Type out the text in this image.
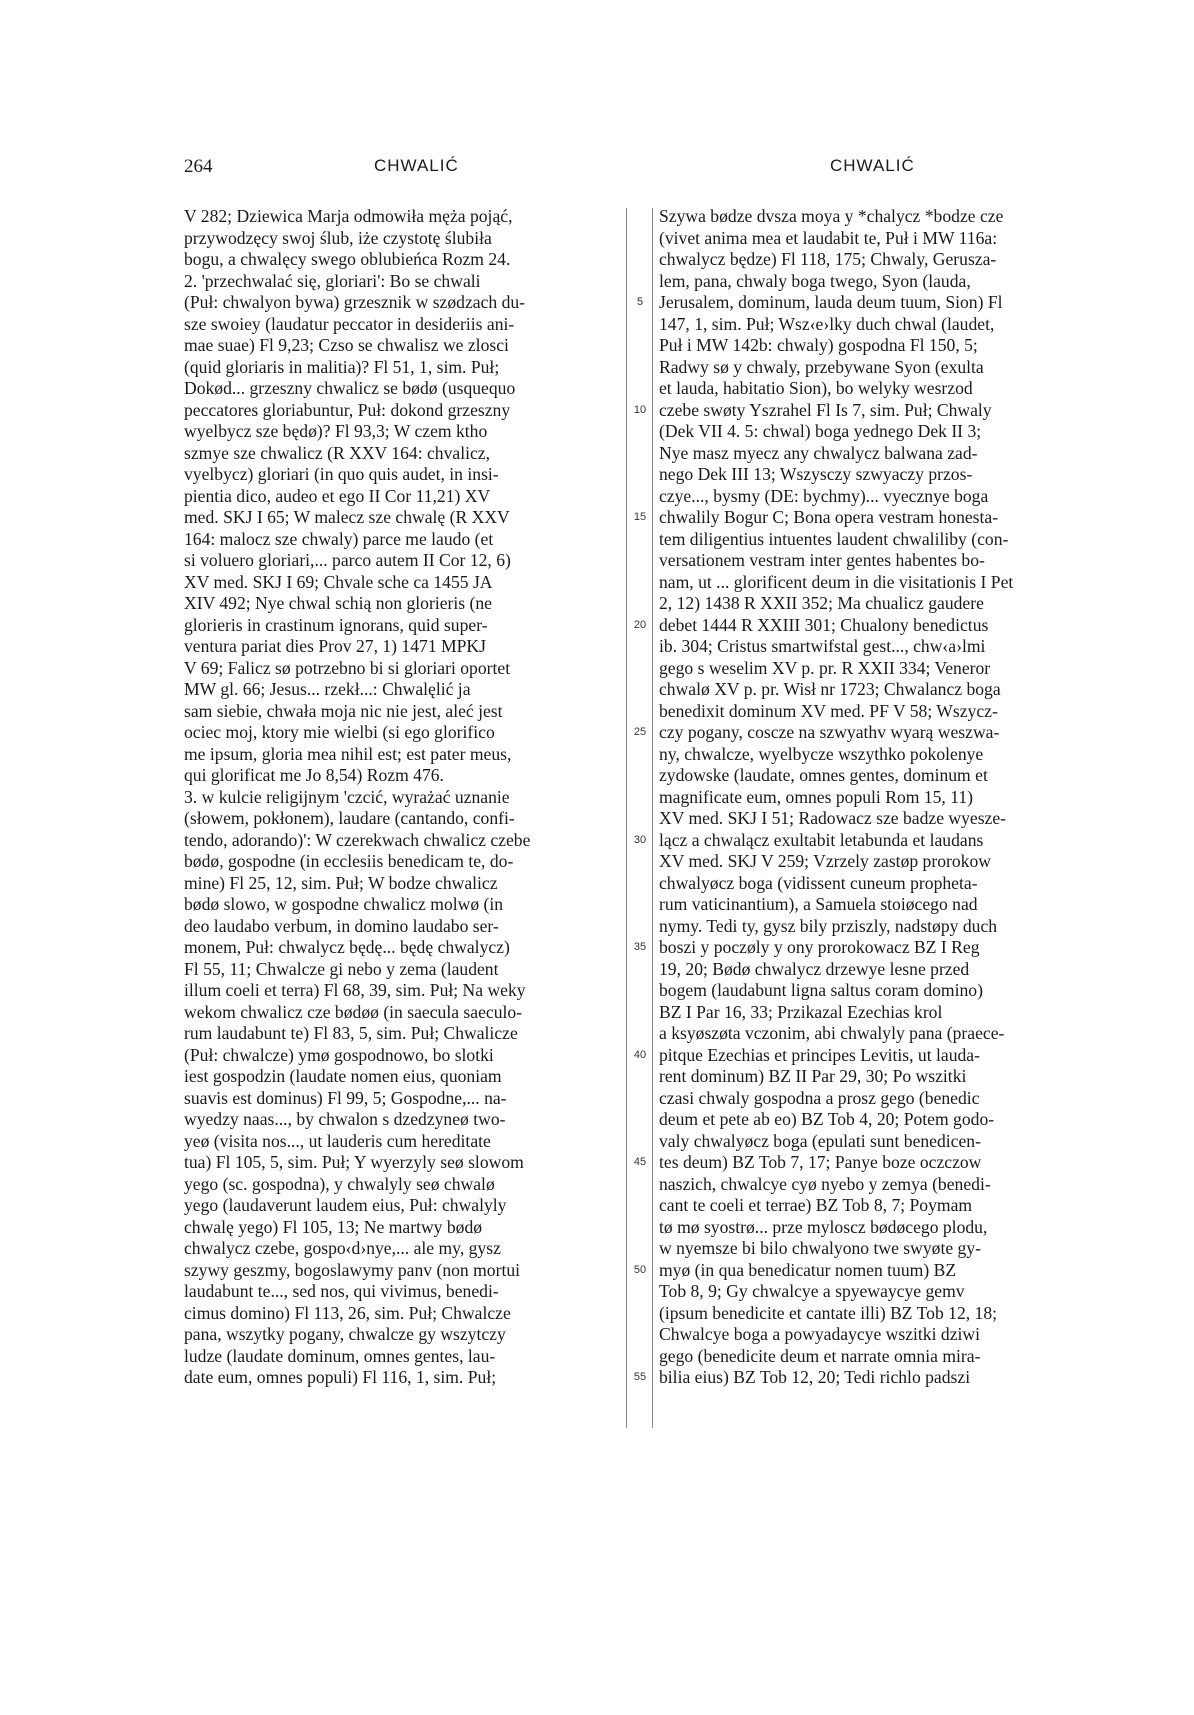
264	CHWALIĆ	CHWALIĆ
V 282; Dziewica Marja odmowiła męża pojąć,
przywodzęcy swoj ślub, iże czystotę ślubiła
bogu, a chwalęcy swego oblubieńca Rozm 24.
2. 'przechwalać się, gloriari': Bo se chwali
(Puł: chwalyon bywa) grzesznik w szødzach du-
sze swoiey (laudatur peccator in desideriis ani-
mae suae) Fl 9,23; Czso se chwalisz we zlosci
(quid gloriaris in malitia)? Fl 51, 1, sim. Puł;
Dokød... grzeszny chwalicz se bødø (usquequo
peccatores gloriabuntur, Puł: dokond grzeszny
wyelbycz sze będø)? Fl 93,3; W czem ktho
szmye sze chwalicz (R XXV 164: chvalicz,
vyelbycz) gloriari (in quo quis audet, in insi-
pientia dico, audeo et ego II Cor 11,21) XV
med. SKJ I 65; W malecz sze chwalę (R XXV
164: malocz sze chwaly) parce me laudo (et
si voluero gloriari,... parco autem II Cor 12, 6)
XV med. SKJ I 69; Chvale sche ca 1455 JA
XIV 492; Nye chwal schią non glorieris (ne
glorieris in crastinum ignorans, quid super-
ventura pariat dies Prov 27, 1) 1471 MPKJ
V 69; Falicz sø potrzebno bi si gloriari oportet
MW gl. 66; Jesus... rzekł...: Chwalęlić ja
sam siebie, chwała moja nic nie jest, aleć jest
ociec moj, ktory mie wielbi (si ego glorifico
me ipsum, gloria mea nihil est; est pater meus,
qui glorificat me Jo 8,54) Rozm 476.
3. w kulcie religijnym 'czcić, wyrażać uznanie
(słowem, pokłonem), laudare (cantando, confi-
tendo, adorando)': W czerekwach chwalicz czebe
bødø, gospodne (in ecclesiis benedicam te, do-
mine) Fl 25, 12, sim. Puł; W bodze chwalicz
bødø slowo, w gospodne chwalicz molwø (in
deo laudabo verbum, in domino laudabo ser-
monem, Puł: chwalycz będę... będę chwalycz)
Fl 55, 11; Chwalcze gi nebo y zema (laudent
illum coeli et terra) Fl 68, 39, sim. Puł; Na weky
wekom chwalicz cze bødøø (in saecula saeculo-
rum laudabunt te) Fl 83, 5, sim. Puł; Chwalicze
(Puł: chwalcze) ymø gospodnowo, bo slotki
iest gospodzin (laudate nomen eius, quoniam
suavis est dominus) Fl 99, 5; Gospodne,... na-
wyedzy naas..., by chwalon s dzedzyneø two-
yeø (visita nos..., ut lauderis cum hereditate
tua) Fl 105, 5, sim. Puł; Y wyerzyly seø slowom
yego (sc. gospodna), y chwalyly seø chwalø
yego (laudaverunt laudem eius, Puł: chwalyly
chwalę yego) Fl 105, 13; Ne martwy bødø
chwalycz czebe, gospo‹d›nye,... ale my, gysz
szywy geszmy, bogoslawymy panv (non mortui
laudabunt te..., sed nos, qui vivimus, benedi-
cimus domino) Fl 113, 26, sim. Puł; Chwalcze
pana, wszytky pogany, chwalcze gy wszytczy
ludze (laudate dominum, omnes gentes, lau-
date eum, omnes populi) Fl 116, 1, sim. Puł;
5
10
15
20
25
30
35
40
45
50
55
Szywa bødze dvsza moya y *chalycz *bodze cze
(vivet anima mea et laudabit te, Puł i MW 116a:
chwalycz będze) Fl 118, 175; Chwaly, Gerusza-
lem, pana, chwaly boga twego, Syon (lauda,
Jerusalem, dominum, lauda deum tuum, Sion) Fl
147, 1, sim. Puł; Wsz‹e›lky duch chwal (laudet,
Puł i MW 142b: chwaly) gospodna Fl 150, 5;
Radwy sø y chwaly, przebywane Syon (exulta
et lauda, habitatio Sion), bo welyky wesrzod
czebe swøty Yszrahel Fl Is 7, sim. Puł; Chwaly
(Dek VII 4. 5: chwal) boga yednego Dek II 3;
Nye masz myecz any chwalycz balwana zad-
nego Dek III 13; Wszysczy szwyaczy przos-
czye..., bysmy (DE: bychmy)... vyecznye boga
chwalily Bogur C; Bona opera vestram honesta-
tem diligentius intuentes laudent chwaliliby (con-
versationem vestram inter gentes habentes bo-
nam, ut ... glorificent deum in die visitationis I Pet
2, 12) 1438 R XXII 352; Ma chualicz gaudere
debet 1444 R XXIII 301; Chualony benedictus
ib. 304; Cristus smartwifstal gest..., chw‹a›lmi
gego s weselim XV p. pr. R XXII 334; Veneror
chwalø XV p. pr. Wisł nr 1723; Chwalancz boga
benedixit dominum XV med. PF V 58; Wszycz-
czy pogany, coscze na szwyathv wyarą weszwa-
ny, chwalcze, wyelbycze wszythko pokolenye
zydowske (laudate, omnes gentes, dominum et
magnificate eum, omnes populi Rom 15, 11)
XV med. SKJ I 51; Radowacz sze badze wyesze-
lącz a chwalącz exultabit letabunda et laudans
XV med. SKJ V 259; Vzrzely zastøp prorokow
chwalyøcz boga (vidissent cuneum propheta-
rum vaticinantium), a Samuela stoiøcego nad
nymy. Tedi ty, gysz bily prziszly, nadstøpy duch
boszi y poczøly y ony prorokowacz BZ I Reg
19, 20; Bødø chwalycz drzewye lesne przed
bogem (laudabunt ligna saltus coram domino)
BZ I Par 16, 33; Przikazal Ezechias krol
a ksyøszøta vczonim, abi chwalyly pana (praece-
pitque Ezechias et principes Levitis, ut lauda-
rent dominum) BZ II Par 29, 30; Po wszitki
czasi chwaly gospodna a prosz gego (benedic
deum et pete ab eo) BZ Tob 4, 20; Potem godo-
valy chwalyøcz boga (epulati sunt benedicen-
tes deum) BZ Tob 7, 17; Panye boze oczczow
naszich, chwalcye cyø nyebo y zemya (benedi-
cant te coeli et terrae) BZ Tob 8, 7; Poymam
tø mø syostrø... prze myloscz bødøcego plodu,
w nyemsze bi bilo chwalyono twe swyøte gy-
myø (in qua benedicatur nomen tuum) BZ
Tob 8, 9; Gy chwalcye a spyewaycye gemv
(ipsum benedicite et cantate illi) BZ Tob 12, 18;
Chwalcye boga a powyadaycye wszitki dziwi
gego (benedicite deum et narrate omnia mira-
bilia eius) BZ Tob 12, 20; Tedi richlo padszi
